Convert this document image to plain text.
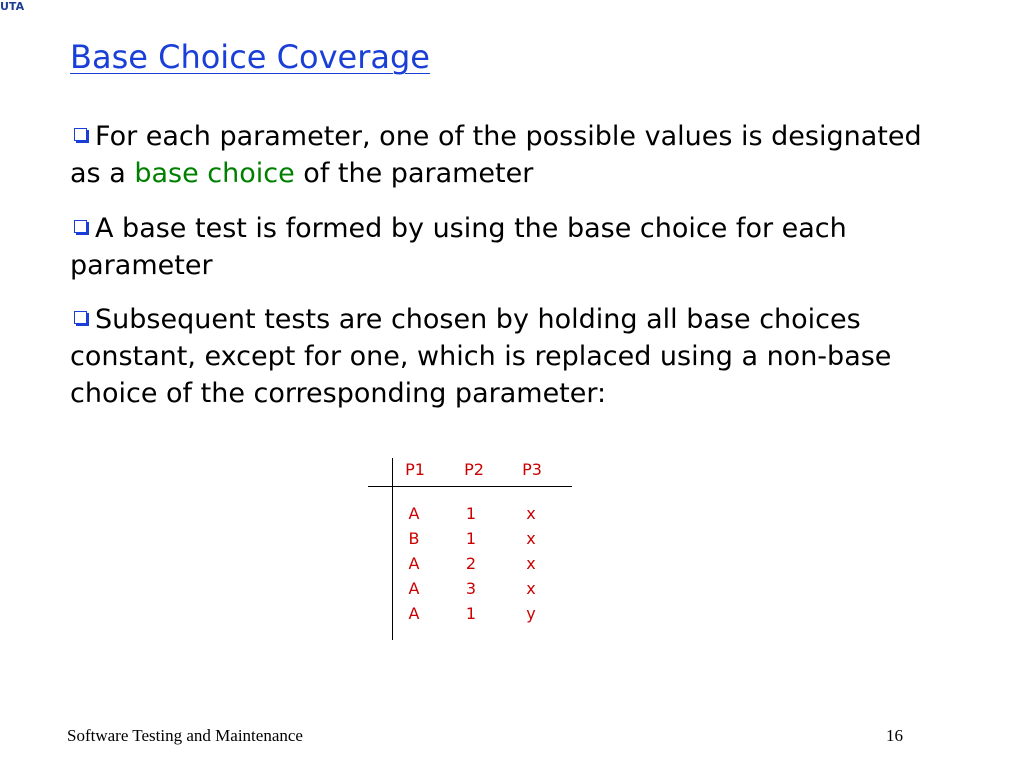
UTA
Base Choice Coverage
For each parameter, one of the possible values is designated as a base choice of the parameter
A base test is formed by using the base choice for each parameter
Subsequent tests are chosen by holding all base choices constant, except for one, which is replaced using a non-base choice of the corresponding parameter:
P1	P2	P3
A	1	x
B	1	x
A	2	x
A	3	x
A	1	y
Software Testing and Maintenance	16
